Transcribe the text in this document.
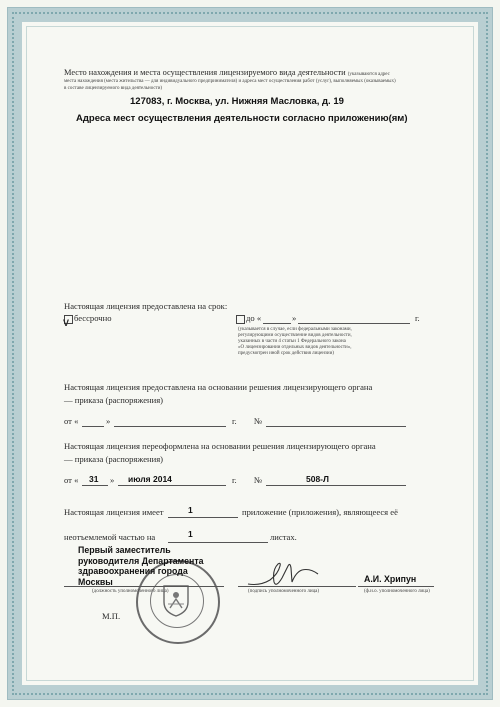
Место нахождения и места осуществления лицензируемого вида деятельности (указываются адрес
места нахождения (места жительства — для индивидуального предпринимателя) и адреса мест осуществления работ (услуг), выполняемых (оказываемых)
в составе лицензируемого вида деятельности)
127083, г. Москва, ул. Нижняя Масловка, д. 19
Адреса мест осуществления деятельности согласно приложению(ям)
Настоящая лицензия предоставлена на срок:
V бессрочно	до «	»	г.
(указывается в случае, если федеральными законами,
регулирующими осуществление видов деятельности,
указанных в части 4 статьи 1 Федерального закона
«О лицензировании отдельных видов деятельности»,
предусмотрен иной срок действия лицензии)
Настоящая лицензия предоставлена на основании решения лицензирующего органа
— приказа (распоряжения)
от «	»	г. №
Настоящая лицензия переоформлена на основании решения лицензирующего органа
— приказа (распоряжения)
от « 31 » июля 2014	г. №	508-Л
Настоящая лицензия имеет	1	приложение (приложения), являющееся её
неотъемлемой частью на	1	листах.
Первый заместитель
руководителя Департамента
здравоохранения города
Москвы
(должность уполномоченного лица)	(подпись уполномоченного лица)
А.И. Хрипун
(ф.и.о. уполномоченного лица)
М.П.
